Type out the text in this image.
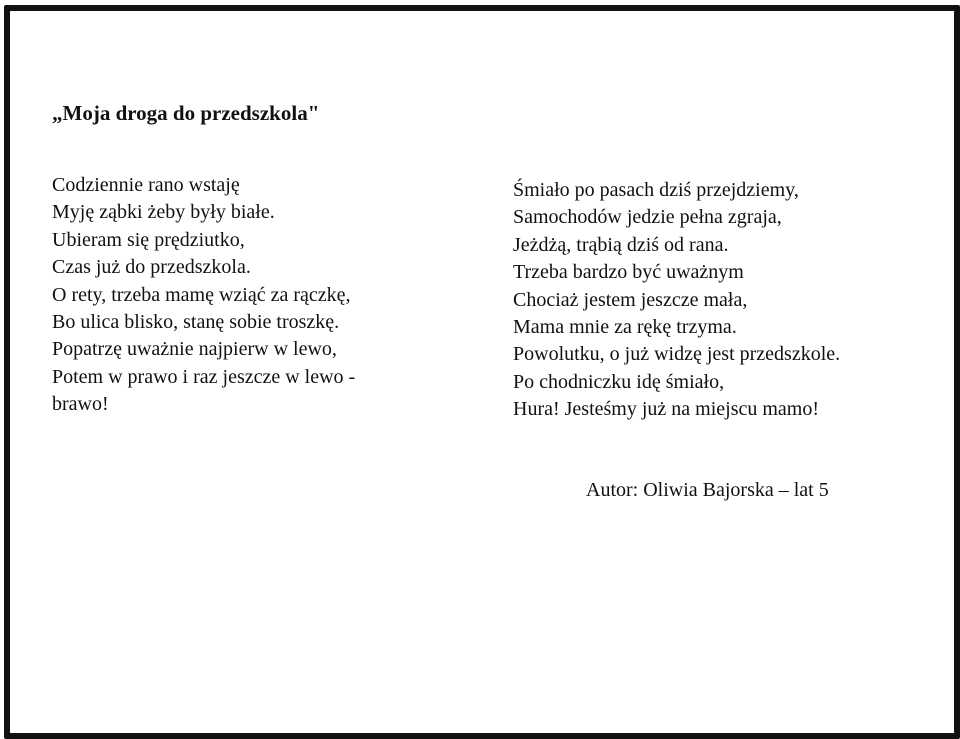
„Moja droga do przedszkola"
Codziennie rano wstaję
Myję ząbki żeby były białe.
Ubieram się prędziutko,
Czas już do przedszkola.
O rety, trzeba mamę wziąć za rączkę,
Bo ulica blisko, stanę sobie troszkę.
Popatrzę uważnie najpierw w lewo,
Potem w prawo i raz jeszcze w lewo -
brawo!
Śmiało po pasach dziś przejdziemy,
Samochodów jedzie pełna zgraja,
Jeżdżą, trąbią dziś od rana.
Trzeba bardzo być uważnym
Chociaż jestem jeszcze mała,
Mama mnie za rękę trzyma.
Powolutku, o już widzę jest przedszkole.
Po chodniczku idę śmiało,
Hura! Jesteśmy już na miejscu mamo!
Autor: Oliwia Bajorska – lat 5
